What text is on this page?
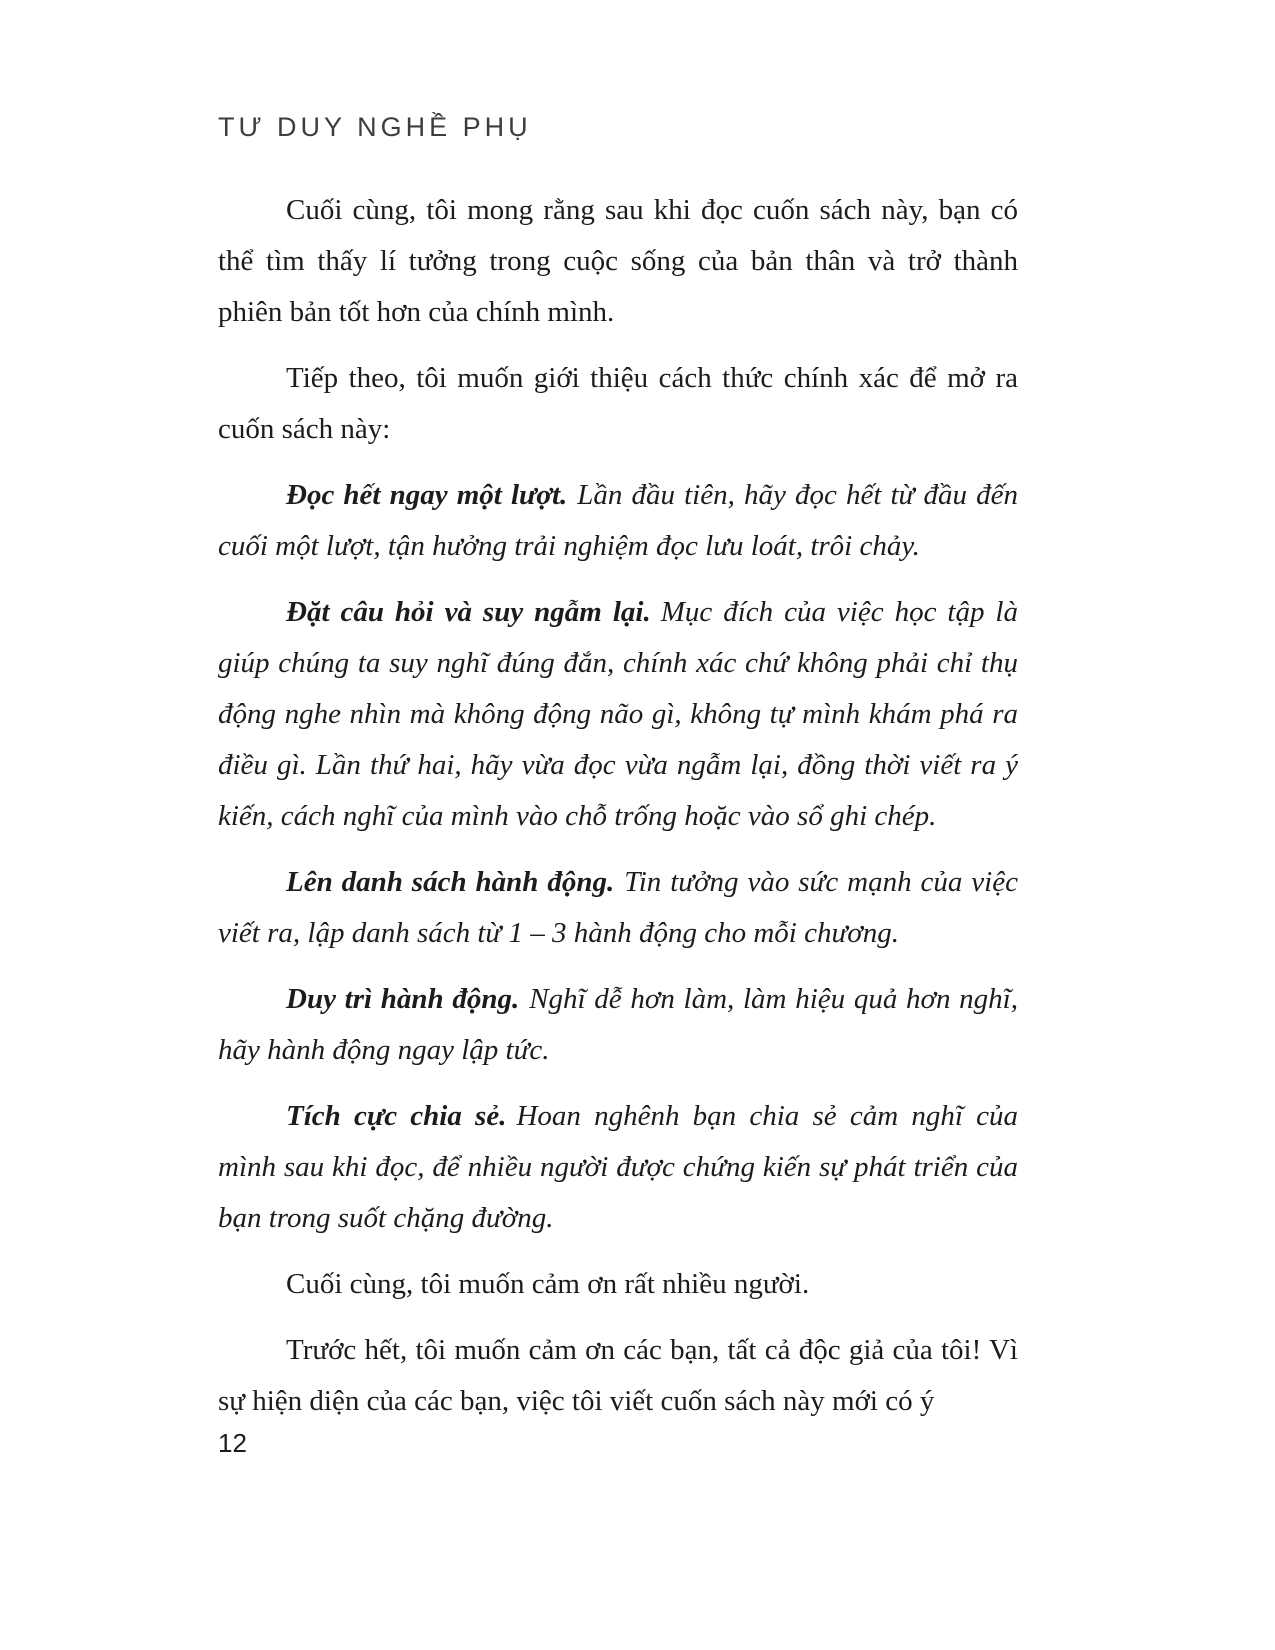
TƯ DUY NGHỀ PHỤ

Cuối cùng, tôi mong rằng sau khi đọc cuốn sách này, bạn có thể tìm thấy lí tưởng trong cuộc sống của bản thân và trở thành phiên bản tốt hơn của chính mình.

Tiếp theo, tôi muốn giới thiệu cách thức chính xác để mở ra cuốn sách này:

Đọc hết ngay một lượt. Lần đầu tiên, hãy đọc hết từ đầu đến cuối một lượt, tận hưởng trải nghiệm đọc lưu loát, trôi chảy.

Đặt câu hỏi và suy ngẫm lại. Mục đích của việc học tập là giúp chúng ta suy nghĩ đúng đắn, chính xác chứ không phải chỉ thụ động nghe nhìn mà không động não gì, không tự mình khám phá ra điều gì. Lần thứ hai, hãy vừa đọc vừa ngẫm lại, đồng thời viết ra ý kiến, cách nghĩ của mình vào chỗ trống hoặc vào sổ ghi chép.

Lên danh sách hành động. Tin tưởng vào sức mạnh của việc viết ra, lập danh sách từ 1 – 3 hành động cho mỗi chương.

Duy trì hành động. Nghĩ dễ hơn làm, làm hiệu quả hơn nghĩ, hãy hành động ngay lập tức.

Tích cực chia sẻ. Hoan nghênh bạn chia sẻ cảm nghĩ của mình sau khi đọc, để nhiều người được chứng kiến sự phát triển của bạn trong suốt chặng đường.

Cuối cùng, tôi muốn cảm ơn rất nhiều người.

Trước hết, tôi muốn cảm ơn các bạn, tất cả độc giả của tôi! Vì sự hiện diện của các bạn, việc tôi viết cuốn sách này mới có ý

12
